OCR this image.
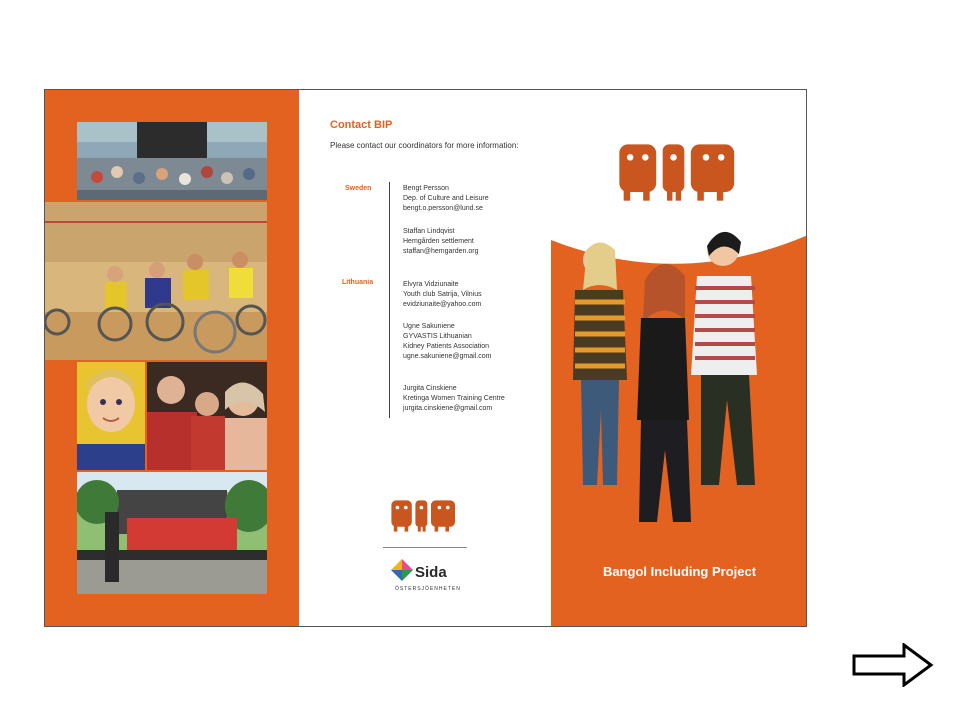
Contact BIP
Please contact our coordinators for more information:
Sweden
Lithuania
Bengt Persson
Dep. of Culture and Leisure
bengt.o.persson@lund.se
Staffan Lindqvist
Hemgården settlement
staffan@hemgarden.org
Elvyra Vidziunaite
Youth club Satrija, Vilnius
evidziunaite@yahoo.com
Ugne Sakuniene
GYVASTIS Lithuanian
Kidney Patients Association
ugne.sakuniene@gmail.com
Jurgita Cinskiene
Kretinga Women Training Centre
jurgita.cinskiene@gmail.com
Sida
ÖSTERSJÖENHETEN
Bangol Including Project
